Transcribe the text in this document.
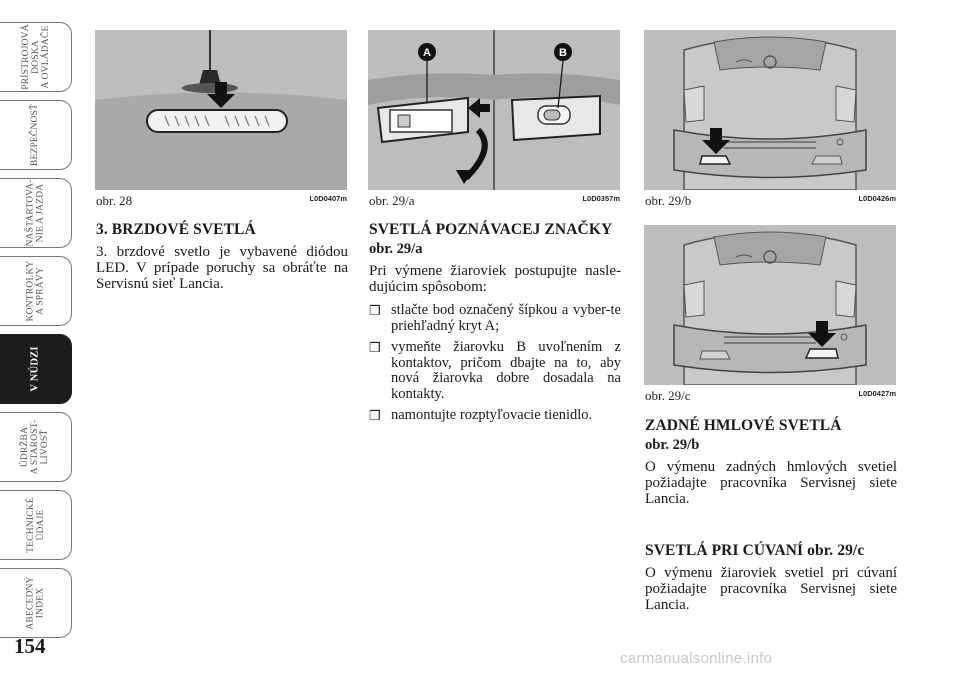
PRÍSTROJOVÁ
DOSKA
A OVLÁDAČE
BEZPEČNOSŤ
NAŠTARTOVA-
NIE A JAZDA
KONTROLKY
A SPRÁVY
V NÚDZI
ÚDRŽBA
A STAROST-
LIVOSŤ
TECHNICKÉ
ÚDAJE
ABECEDNÝ
INDEX
154
obr. 28	L0D0407m
A	B
obr. 29/a	L0D0357m obr. 29/b	L0D0426m
obr. 29/c	L0D0427m
3. BRZDOVÉ SVETLÁ

3. brzdové svetlo je vybavené diódou LED. V prípade poruchy sa obráťte na Servisnú sieť Lancia.

SVETLÁ POZNÁVACEJ ZNAČKY
obr. 29/a

Pri výmene žiaroviek postupujte nasle-dujúcim spôsobom:

❒ stlačte bod označený šípkou a vyber-te priehľadný kryt A;
❒ vymeňte žiarovku B uvoľnením z kontaktov, pričom dbajte na to, aby nová žiarovka dobre dosadala na kontakty.
❒ namontujte rozptyľovacie tienidlo.
ZADNÉ HMLOVÉ SVETLÁ
obr. 29/b

O výmenu zadných hmlových svetiel požiadajte pracovníka Servisnej siete Lancia.

SVETLÁ PRI CÚVANÍ obr. 29/c

O výmenu žiaroviek svetiel pri cúvaní požiadajte pracovníka Servisnej siete Lancia.

carmanualsonline.info
